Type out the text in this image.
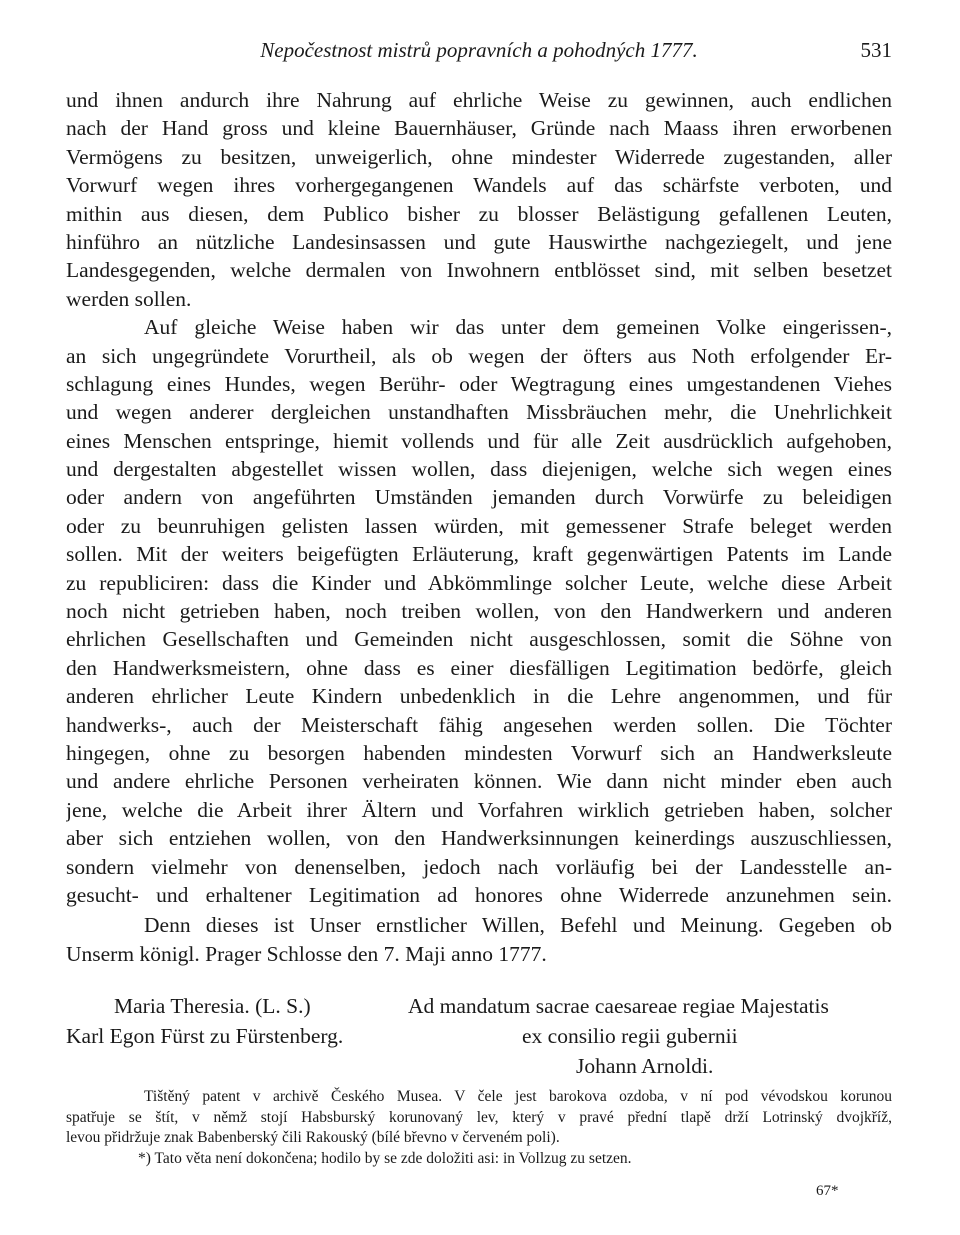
Nepočestnost mistrů popravních a pohodných 1777.	531
und ihnen andurch ihre Nahrung auf ehrliche Weise zu gewinnen, auch endlichen
nach der Hand gross und kleine Bauernhäuser, Gründe nach Maass ihren erworbenen
Vermögens zu besitzen, unweigerlich, ohne mindester Widerrede zugestanden, aller
Vorwurf wegen ihres vorhergegangenen Wandels auf das schärfste verboten, und
mithin aus diesen, dem Publico bisher zu blosser Belästigung gefallenen Leuten,
hinführo an nützliche Landesinsassen und gute Hauswirthe nachgeziegelt, und jene
Landesgegenden, welche dermalen von Inwohnern entblösset sind, mit selben besetzet
werden sollen.
Auf gleiche Weise haben wir das unter dem gemeinen Volke eingerissen-,
an sich ungegründete Vorurtheil, als ob wegen der öfters aus Noth erfolgender Er-
schlagung eines Hundes, wegen Berühr- oder Wegtragung eines umgestandenen Viehes
und wegen anderer dergleichen unstandhaften Missbräuchen mehr, die Unehrlichkeit
eines Menschen entspringe, hiemit vollends und für alle Zeit ausdrücklich aufgehoben,
und dergestalten abgestellet wissen wollen, dass diejenigen, welche sich wegen eines
oder andern von angeführten Umständen jemanden durch Vorwürfe zu beleidigen
oder zu beunruhigen gelisten lassen würden, mit gemessener Strafe beleget werden
sollen. Mit der weiters beigefügten Erläuterung, kraft gegenwärtigen Patents im Lande
zu republiciren: dass die Kinder und Abkömmlinge solcher Leute, welche diese Arbeit
noch nicht getrieben haben, noch treiben wollen, von den Handwerkern und anderen
ehrlichen Gesellschaften und Gemeinden nicht ausgeschlossen, somit die Söhne von
den Handwerksmeistern, ohne dass es einer diesfälligen Legitimation bedörfe, gleich
anderen ehrlicher Leute Kindern unbedenklich in die Lehre angenommen, und für
handwerks-, auch der Meisterschaft fähig angesehen werden sollen. Die Töchter
hingegen, ohne zu besorgen habenden mindesten Vorwurf sich an Handwerksleute
und andere ehrliche Personen verheiraten können. Wie dann nicht minder eben auch
jene, welche die Arbeit ihrer Ältern und Vorfahren wirklich getrieben haben, solcher
aber sich entziehen wollen, von den Handwerksinnungen keinerdings auszuschliessen,
sondern vielmehr von denenselben, jedoch nach vorläufig bei der Landesstelle an-
gesucht- und erhaltener Legitimation ad honores ohne Widerrede anzunehmen sein.
Denn dieses ist Unser ernstlicher Willen, Befehl und Meinung. Gegeben ob
Unserm königl. Prager Schlosse den 7. Maji anno 1777.
Maria Theresia. (L. S.)	Ad mandatum sacrae caesareae regiae Majestatis
Karl Egon Fürst zu Fürstenberg.	ex consilio regii gubernii
Johann Arnoldi.
Tištěný patent v archivě Českého Musea. V čele jest barokova ozdoba, v ní pod vévodskou korunou
spatřuje se štít, v němž stojí Habsburský korunovaný lev, který v pravé přední tlapě drží Lotrinský dvojkříž,
levou přidržuje znak Babenberský čili Rakouský (bílé břevno v červeném poli).
*) Tato věta není dokončena; hodilo by se zde doložiti asi: in Vollzug zu setzen.
67*
